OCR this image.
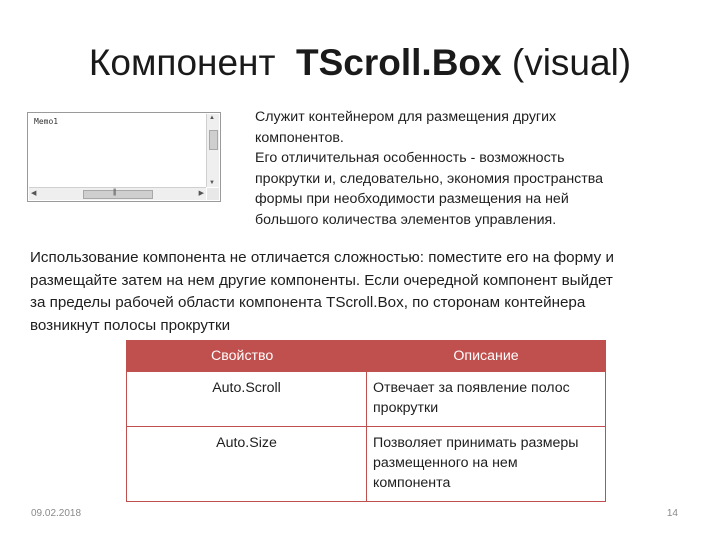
Компонент TScroll.Box (visual)
Memo1	▲
▼
◀	|||	▶
Служит контейнером для размещения других
компонентов.
Его отличительная особенность - возможность
прокрутки и, следовательно, экономия пространства
формы при необходимости размещения на ней
большого количества элементов управления.
Использование компонента не отличается сложностью: поместите его на форму и
размещайте затем на нем другие компоненты. Если очередной компонент выйдет
за пределы рабочей области компонента TScroll.Box, по сторонам контейнера
возникнут полосы прокрутки
Свойство	Описание
Auto.Scroll	Отвечает за появление полос прокрутки
Auto.Size	Позволяет принимать размеры размещенного на нем компонента
09.02.2018	14
